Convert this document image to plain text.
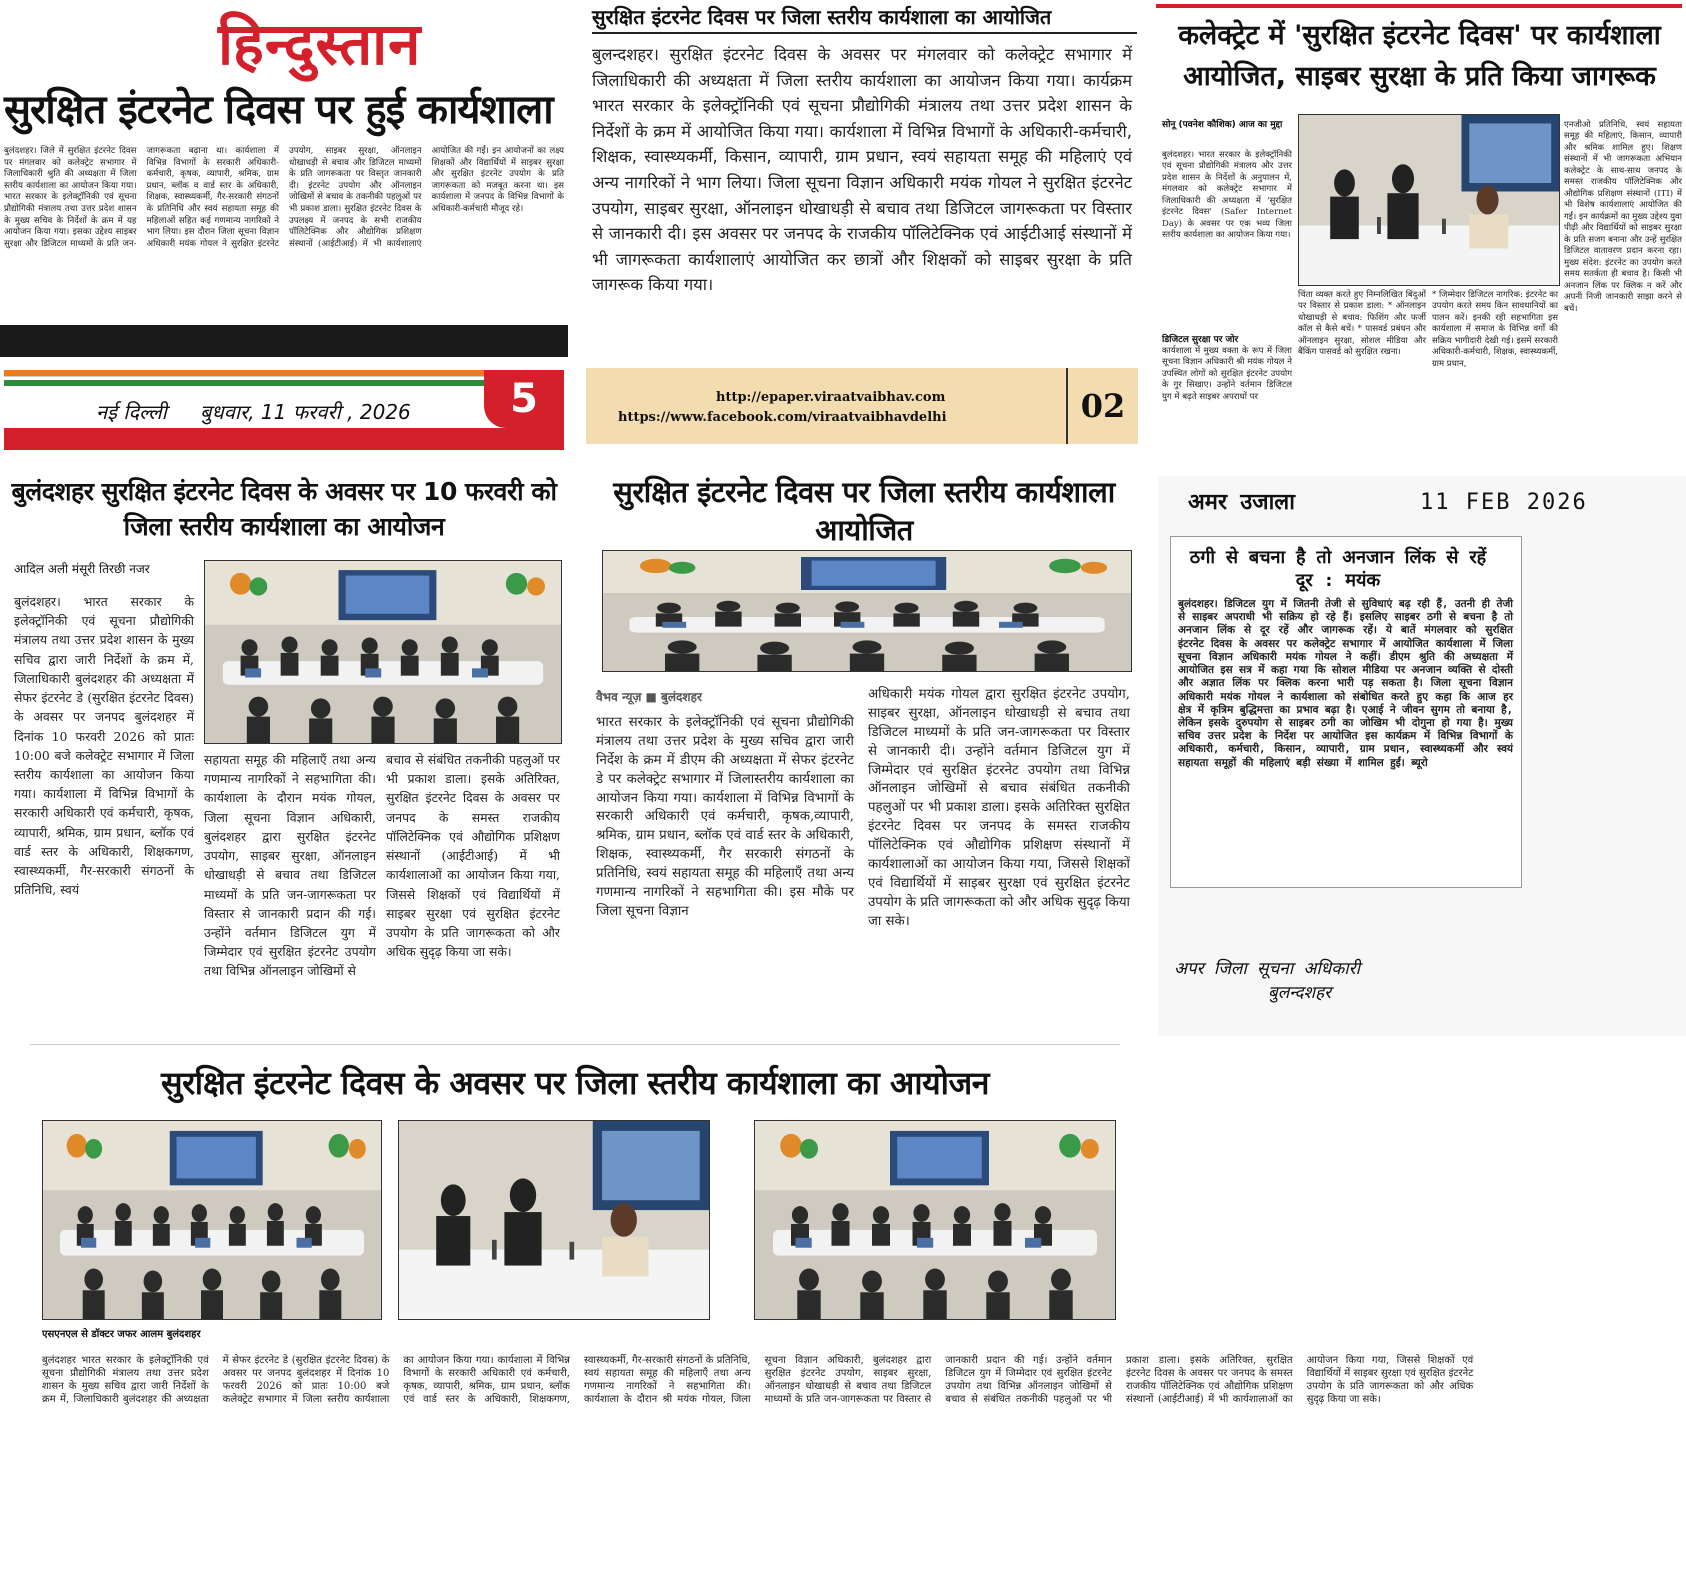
हिन्दुस्तान
सुरक्षित इंटरनेट दिवस पर हुई कार्यशाला
बुलंदशहर। जिले में सुरक्षित इंटरनेट दिवस पर मंगलवार को कलेक्ट्रेट सभागार में जिलाधिकारी श्रुति की अध्यक्षता में जिला स्तरीय कार्यशाला का आयोजन किया गया। भारत सरकार के इलेक्ट्रॉनिकी एवं सूचना प्रौद्योगिकी मंत्रालय तथा उत्तर प्रदेश शासन के मुख्य सचिव के निर्देशों के क्रम में यह आयोजन किया गया। इसका उद्देश्य साइबर सुरक्षा और डिजिटल माध्यमों के प्रति जन-जागरूकता बढ़ाना था। कार्यशाला में विभिन्न विभागों के सरकारी अधिकारी-कर्मचारी, कृषक, व्यापारी, श्रमिक, ग्राम प्रधान, ब्लॉक व वार्ड स्तर के अधिकारी, शिक्षक, स्वास्थ्यकर्मी, गैर-सरकारी संगठनों के प्रतिनिधि और स्वयं सहायता समूह की महिलाओं सहित कई गणमान्य नागरिकों ने भाग लिया। इस दौरान जिला सूचना विज्ञान अधिकारी मयंक गोयल ने सुरक्षित इंटरनेट उपयोग, साइबर सुरक्षा, ऑनलाइन धोखाधड़ी से बचाव और डिजिटल माध्यमों के प्रति जागरूकता पर विस्तृत जानकारी दी। इंटरनेट उपयोग और ऑनलाइन जोखिमों से बचाव के तकनीकी पहलुओं पर भी प्रकाश डाला। सुरक्षित इंटरनेट दिवस के उपलक्ष्य में जनपद के सभी राजकीय पॉलिटेक्निक और औद्योगिक प्रशिक्षण संस्थानों (आईटीआई) में भी कार्यशालाएं आयोजित की गईं। इन आयोजनों का लक्ष्य शिक्षकों और विद्यार्थियों में साइबर सुरक्षा और सुरक्षित इंटरनेट उपयोग के प्रति जागरूकता को मजबूत करना था। इस कार्यशाला में जनपद के विभिन्न विभागों के अधिकारी-कर्मचारी मौजूद रहे।
सुरक्षित इंटरनेट दिवस पर जिला स्तरीय कार्यशाला का आयोजित
बुलन्दशहर। सुरक्षित इंटरनेट दिवस के अवसर पर मंगलवार को कलेक्ट्रेट सभागार में जिलाधिकारी की अध्यक्षता में जिला स्तरीय कार्यशाला का आयोजन किया गया। कार्यक्रम भारत सरकार के इलेक्ट्रॉनिकी एवं सूचना प्रौद्योगिकी मंत्रालय तथा उत्तर प्रदेश शासन के निर्देशों के क्रम में आयोजित किया गया। कार्यशाला में विभिन्न विभागों के अधिकारी-कर्मचारी, शिक्षक, स्वास्थ्यकर्मी, किसान, व्यापारी, ग्राम प्रधान, स्वयं सहायता समूह की महिलाएं एवं अन्य नागरिकों ने भाग लिया। जिला सूचना विज्ञान अधिकारी मयंक गोयल ने सुरक्षित इंटरनेट उपयोग, साइबर सुरक्षा, ऑनलाइन धोखाधड़ी से बचाव तथा डिजिटल जागरूकता पर विस्तार से जानकारी दी। इस अवसर पर जनपद के राजकीय पॉलिटेक्निक एवं आईटीआई संस्थानों में भी जागरूकता कार्यशालाएं आयोजित कर छात्रों और शिक्षकों को साइबर सुरक्षा के प्रति जागरूक किया गया।
कलेक्ट्रेट में 'सुरक्षित इंटरनेट दिवस' पर कार्यशाला आयोजित, साइबर सुरक्षा के प्रति किया जागरूक
सोनू (पवनेश कौशिक) आज का मुद्दा
बुलंदशहर। भारत सरकार के इलेक्ट्रॉनिकी एवं सूचना प्रौद्योगिकी मंत्रालय और उत्तर प्रदेश शासन के निर्देशों के अनुपालन में, मंगलवार को कलेक्ट्रेट सभागार में जिलाधिकारी की अध्यक्षता में 'सुरक्षित इंटरनेट दिवस' (Safer Internet Day) के अवसर पर एक भव्य जिला स्तरीय कार्यशाला का आयोजन किया गया।
डिजिटल सुरक्षा पर जोर
कार्यशाला में मुख्य वक्ता के रूप में जिला सूचना विज्ञान अधिकारी श्री मयंक गोयल ने उपस्थित लोगों को सुरक्षित इंटरनेट उपयोग के गुर सिखाए। उन्होंने वर्तमान डिजिटल युग में बढ़ते साइबर अपराधों पर
चिंता व्यक्त करते हुए निम्नलिखित बिंदुओं पर विस्तार से प्रकाश डाला: * ऑनलाइन धोखाधड़ी से बचाव: फिशिंग और फर्जी कॉल से कैसे बचें। * पासवर्ड प्रबंधन और ऑनलाइन सुरक्षा, सोशल मीडिया और बैंकिंग पासवर्ड को सुरक्षित रखना।
* जिम्मेदार डिजिटल नागरिक: इंटरनेट का उपयोग करते समय किन सावधानियों का पालन करें। इनकी रही सहभागिता इस कार्यशाला में समाज के विभिन्न वर्गों की सक्रिय भागीदारी देखी गई। इसमें सरकारी अधिकारी-कर्मचारी, शिक्षक, स्वास्थ्यकर्मी, ग्राम प्रधान,
एनजीओ प्रतिनिधि, स्वयं सहायता समूह की महिलाएं, किसान, व्यापारी और श्रमिक शामिल हुए। शिक्षण संस्थानों में भी जागरूकता अभियान कलेक्ट्रेट के साथ-साथ जनपद के समस्त राजकीय पॉलिटेक्निक और औद्योगिक प्रशिक्षण संस्थानों (ITI) में भी विशेष कार्यशालाएं आयोजित की गईं। इन कार्यक्रमों का मुख्य उद्देश्य युवा पीढ़ी और विद्यार्थियों को साइबर सुरक्षा के प्रति सजग बनाना और उन्हें सुरक्षित डिजिटल वातावरण प्रदान करना रहा। मुख्य संदेश: इंटरनेट का उपयोग करते समय सतर्कता ही बचाव है। किसी भी अनजान लिंक पर क्लिक न करें और अपनी निजी जानकारी साझा करने से बचें।
नई दिल्ली बुधवार, 11 फरवरी , 2026	5
बुलंदशहर सुरक्षित इंटरनेट दिवस के अवसर पर 10 फरवरी को जिला स्तरीय कार्यशाला का आयोजन
आदिल अली मंसूरी तिरछी नजर
बुलंदशहर। भारत सरकार के इलेक्ट्रॉनिकी एवं सूचना प्रौद्योगिकी मंत्रालय तथा उत्तर प्रदेश शासन के मुख्य सचिव द्वारा जारी निर्देशों के क्रम में, जिलाधिकारी बुलंदशहर की अध्यक्षता में सेफर इंटरनेट डे (सुरक्षित इंटरनेट दिवस) के अवसर पर जनपद बुलंदशहर में दिनांक 10 फरवरी 2026 को प्रातः 10:00 बजे कलेक्ट्रेट सभागार में जिला स्तरीय कार्यशाला का आयोजन किया गया। कार्यशाला में विभिन्न विभागों के सरकारी अधिकारी एवं कर्मचारी, कृषक, व्यापारी, श्रमिक, ग्राम प्रधान, ब्लॉक एवं वार्ड स्तर के अधिकारी, शिक्षकगण, स्वास्थ्यकर्मी, गैर-सरकारी संगठनों के प्रतिनिधि, स्वयं
सहायता समूह की महिलाएँ तथा अन्य गणमान्य नागरिकों ने सहभागिता की। कार्यशाला के दौरान मयंक गोयल, जिला सूचना विज्ञान अधिकारी, बुलंदशहर द्वारा सुरक्षित इंटरनेट उपयोग, साइबर सुरक्षा, ऑनलाइन धोखाधड़ी से बचाव तथा डिजिटल माध्यमों के प्रति जन-जागरूकता पर विस्तार से जानकारी प्रदान की गई। उन्होंने वर्तमान डिजिटल युग में जिम्मेदार एवं सुरक्षित इंटरनेट उपयोग तथा विभिन्न ऑनलाइन जोखिमों से
बचाव से संबंधित तकनीकी पहलुओं पर भी प्रकाश डाला। इसके अतिरिक्त, सुरक्षित इंटरनेट दिवस के अवसर पर जनपद के समस्त राजकीय पॉलिटेक्निक एवं औद्योगिक प्रशिक्षण संस्थानों (आईटीआई) में भी कार्यशालाओं का आयोजन किया गया, जिससे शिक्षकों एवं विद्यार्थियों में साइबर सुरक्षा एवं सुरक्षित इंटरनेट उपयोग के प्रति जागरूकता को और अधिक सुदृढ़ किया जा सके।
http://epaper.viraatvaibhav.com
https://www.facebook.com/viraatvaibhavdelhi	02
सुरक्षित इंटरनेट दिवस पर जिला स्तरीय कार्यशाला आयोजित
वैभव न्यूज़ ■ बुलंदशहर
भारत सरकार के इलेक्ट्रॉनिकी एवं सूचना प्रौद्योगिकी मंत्रालय तथा उत्तर प्रदेश के मुख्य सचिव द्वारा जारी निर्देश के क्रम में डीएम की अध्यक्षता में सेफर इंटरनेट डे पर कलेक्ट्रेट सभागार में जिलास्तरीय कार्यशाला का आयोजन किया गया। कार्यशाला में विभिन्न विभागों के सरकारी अधिकारी एवं कर्मचारी, कृषक,व्यापारी, श्रमिक, ग्राम प्रधान, ब्लॉक एवं वार्ड स्तर के अधिकारी, शिक्षक, स्वास्थ्यकर्मी, गैर सरकारी संगठनों के प्रतिनिधि, स्वयं सहायता समूह की महिलाएँ तथा अन्य गणमान्य नागरिकों ने सहभागिता की। इस मौके पर जिला सूचना विज्ञान
अधिकारी मयंक गोयल द्वारा सुरक्षित इंटरनेट उपयोग, साइबर सुरक्षा, ऑनलाइन धोखाधड़ी से बचाव तथा डिजिटल माध्यमों के प्रति जन-जागरूकता पर विस्तार से जानकारी दी। उन्होंने वर्तमान डिजिटल युग में जिम्मेदार एवं सुरक्षित इंटरनेट उपयोग तथा विभिन्न ऑनलाइन जोखिमों से बचाव संबंधित तकनीकी पहलुओं पर भी प्रकाश डाला। इसके अतिरिक्त सुरक्षित इंटरनेट दिवस पर जनपद के समस्त राजकीय पॉलिटेक्निक एवं औद्योगिक प्रशिक्षण संस्थानों में कार्यशालाओं का आयोजन किया गया, जिससे शिक्षकों एवं विद्यार्थियों में साइबर सुरक्षा एवं सुरक्षित इंटरनेट उपयोग के प्रति जागरूकता को और अधिक सुदृढ़ किया जा सके।
अमर उजाला	11 FEB 2026
ठगी से बचना है तो अनजान लिंक से रहें दूर : मयंक
बुलंदशहर। डिजिटल युग में जितनी तेजी से सुविधाएं बढ़ रही हैं, उतनी ही तेजी से साइबर अपराधी भी सक्रिय हो रहे हैं। इसलिए साइबर ठगी से बचना है तो अनजान लिंक से दूर रहें और जागरूक रहें। ये बातें मंगलवार को सुरक्षित इंटरनेट दिवस के अवसर पर कलेक्ट्रेट सभागार में आयोजित कार्यशाला में जिला सूचना विज्ञान अधिकारी मयंक गोयल ने कहीं। डीएम श्रुति की अध्यक्षता में आयोजित इस सत्र में कहा गया कि सोशल मीडिया पर अनजान व्यक्ति से दोस्ती और अज्ञात लिंक पर क्लिक करना भारी पड़ सकता है। जिला सूचना विज्ञान अधिकारी मयंक गोयल ने कार्यशाला को संबोधित करते हुए कहा कि आज हर क्षेत्र में कृत्रिम बुद्धिमत्ता का प्रभाव बढ़ा है। एआई ने जीवन सुगम तो बनाया है, लेकिन इसके दुरुपयोग से साइबर ठगी का जोखिम भी दोगुना हो गया है। मुख्य सचिव उत्तर प्रदेश के निर्देश पर आयोजित इस कार्यक्रम में विभिन्न विभागों के अधिकारी, कर्मचारी, किसान, व्यापारी, ग्राम प्रधान, स्वास्थ्यकर्मी और स्वयं सहायता समूहों की महिलाएं बड़ी संख्या में शामिल हुईं। ब्यूरो
अपर जिला सूचना अधिकारी
बुलन्दशहर
सुरक्षित इंटरनेट दिवस के अवसर पर जिला स्तरीय कार्यशाला का आयोजन
एसएनएल से डॉक्टर जफर आलम बुलंदशहर
बुलंदशहर भारत सरकार के इलेक्ट्रॉनिकी एवं सूचना प्रौद्योगिकी मंत्रालय तथा उत्तर प्रदेश शासन के मुख्य सचिव द्वारा जारी निर्देशों के क्रम में, जिलाधिकारी बुलंदशहर की अध्यक्षता में सेफर इंटरनेट डे (सुरक्षित इंटरनेट दिवस) के अवसर पर जनपद बुलंदशहर में दिनांक 10 फरवरी 2026 को प्रातः 10:00 बजे कलेक्ट्रेट सभागार में जिला स्तरीय कार्यशाला का आयोजन किया गया। कार्यशाला में विभिन्न विभागों के सरकारी अधिकारी एवं कर्मचारी, कृषक, व्यापारी, श्रमिक, ग्राम प्रधान, ब्लॉक एवं वार्ड स्तर के अधिकारी, शिक्षकगण, स्वास्थ्यकर्मी, गैर-सरकारी संगठनों के प्रतिनिधि, स्वयं सहायता समूह की महिलाएँ तथा अन्य गणमान्य नागरिकों ने सहभागिता की। कार्यशाला के दौरान श्री मयंक गोयल, जिला सूचना विज्ञान अधिकारी, बुलंदशहर द्वारा सुरक्षित इंटरनेट उपयोग, साइबर सुरक्षा, ऑनलाइन धोखाधड़ी से बचाव तथा डिजिटल माध्यमों के प्रति जन-जागरूकता पर विस्तार से जानकारी प्रदान की गई। उन्होंने वर्तमान डिजिटल युग में जिम्मेदार एवं सुरक्षित इंटरनेट उपयोग तथा विभिन्न ऑनलाइन जोखिमों से बचाव से संबंधित तकनीकी पहलुओं पर भी प्रकाश डाला। इसके अतिरिक्त, सुरक्षित इंटरनेट दिवस के अवसर पर जनपद के समस्त राजकीय पॉलिटेक्निक एवं औद्योगिक प्रशिक्षण संस्थानों (आईटीआई) में भी कार्यशालाओं का आयोजन किया गया, जिससे शिक्षकों एवं विद्यार्थियों में साइबर सुरक्षा एवं सुरक्षित इंटरनेट उपयोग के प्रति जागरूकता को और अधिक सुदृढ़ किया जा सके।
